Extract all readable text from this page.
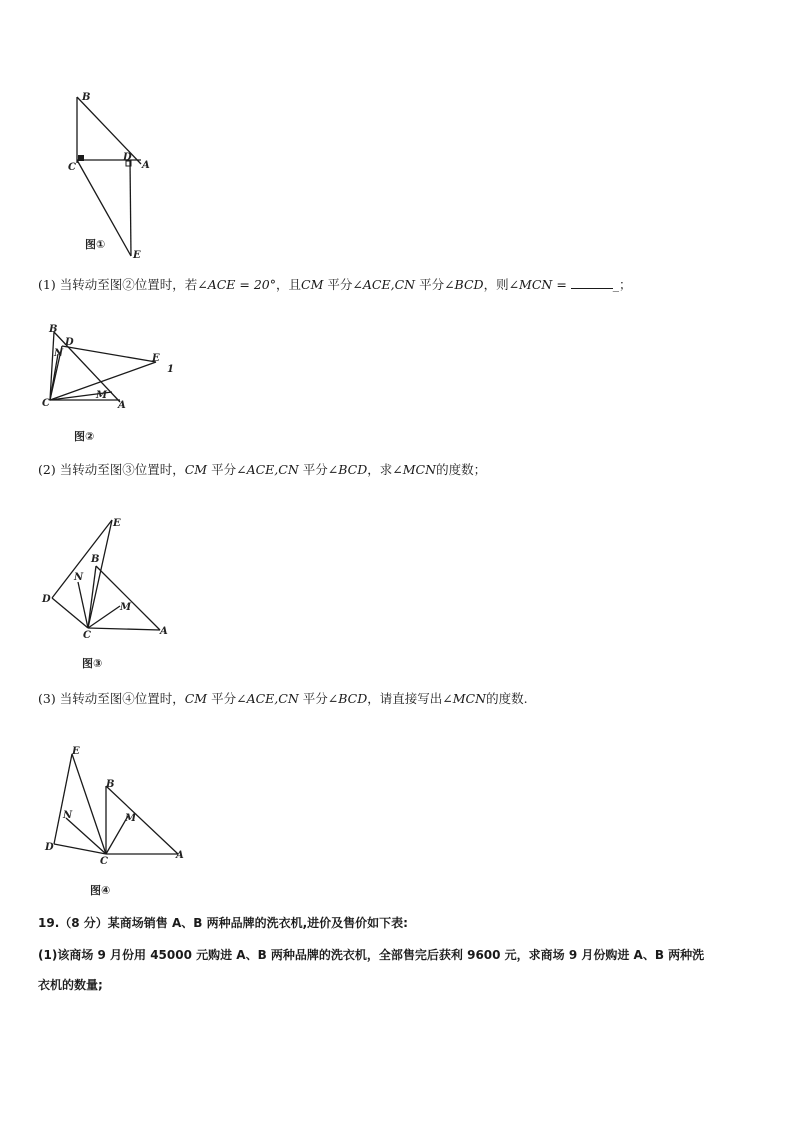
B
C
D
A
E
图①
(1) 当转动至图②位置时，若∠ACE = 20°，且CM 平分∠ACE,CN 平分∠BCD，则∠MCN =	_；
B
N
D
E
1
C
M
A
图②
(2) 当转动至图③位置时，CM 平分∠ACE,CN 平分∠BCD，求∠MCN的度数；
E
B
N
D
M
C	A
图③
(3) 当转动至图④位置时，CM 平分∠ACE,CN 平分∠BCD，请直接写出∠MCN的度数.
E
B
N	M
D
C
A
图④
19.（8 分）某商场销售 A、B 两种品牌的洗衣机,进价及售价如下表:
(1)该商场 9 月份用 45000 元购进 A、B 两种品牌的洗衣机，全部售完后获利 9600 元，求商场 9 月份购进 A、B 两种洗
衣机的数量;
